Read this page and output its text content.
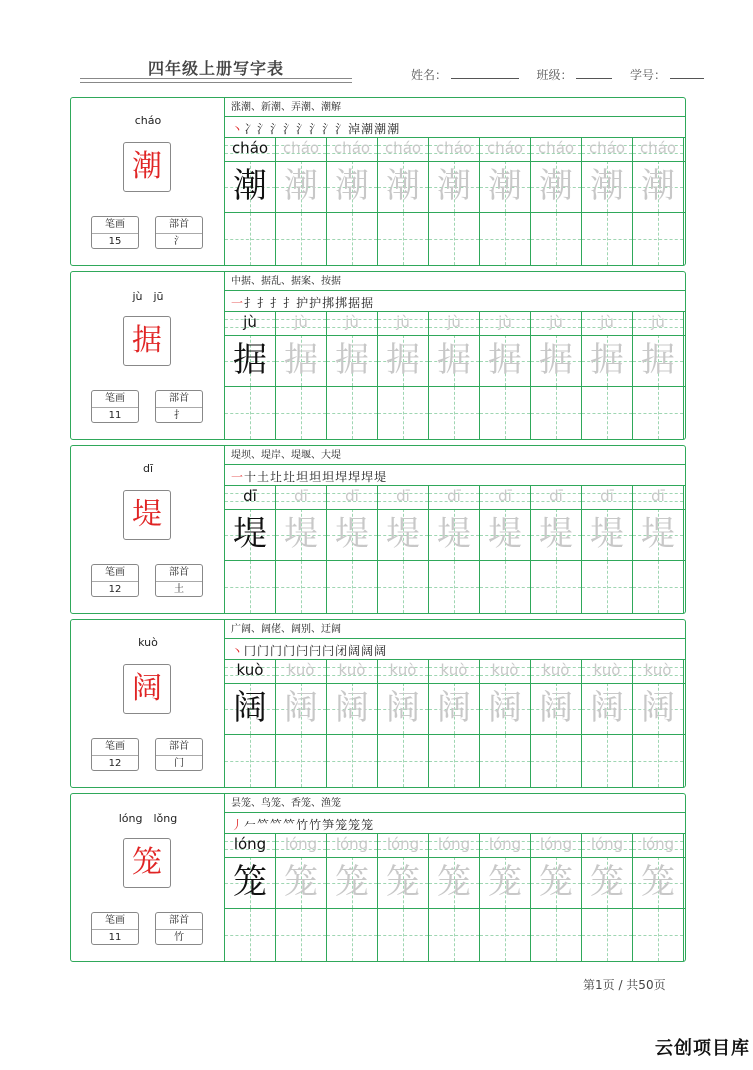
四年级上册写字表	姓名：	班级：	学号：
cháo
潮
笔画
15
部首
氵
涨潮、新潮、弄潮、潮解
丶冫氵氵氵氵氵氵氵淖潮潮潮
cháo
潮
cháo
潮
cháo
潮
cháo
潮
cháo
潮
cháo
潮
cháo
潮
cháo
潮
cháo
潮
jù　jū
据
笔画
11
部首
扌
中据、据乱、据案、按据
一扌扌扌扌护护挷挷据据
jù
据
jù
据
jù
据
jù
据
jù
据
jù
据
jù
据
jù
据
jù
据
dī
堤
笔画
12
部首
土
堤坝、堤岸、堤堰、大堤
一十土圵圵坦坦坦垾垾垾堤
dī
堤
dī
堤
dī
堤
dī
堤
dī
堤
dī
堤
dī
堤
dī
堤
dī
堤
kuò
阔
笔画
12
部首
门
广阔、阔佬、阔别、迂阔
丶冂门门门闩闩闩闭阔阔阔
kuò
阔
kuò
阔
kuò
阔
kuò
阔
kuò
阔
kuò
阔
kuò
阔
kuò
阔
kuò
阔
lóng　lǒng
笼
笔画
11
部首
竹
昙笼、鸟笼、香笼、渔笼
丿𠂉𥫗𥫗𥫗竹竹笋笼笼笼
lóng
笼
lóng
笼
lóng
笼
lóng
笼
lóng
笼
lóng
笼
lóng
笼
lóng
笼
lóng
笼
第1页 / 共50页
云创项目库
